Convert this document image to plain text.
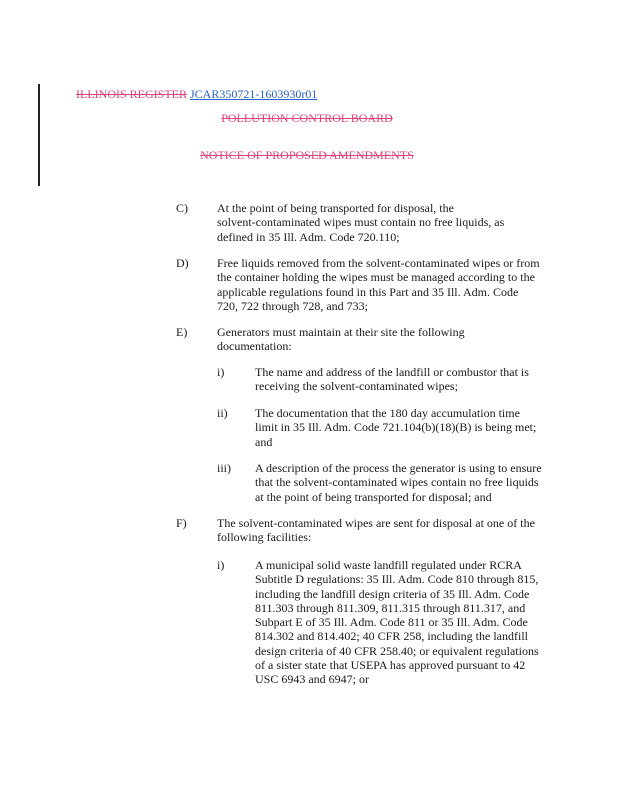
ILLINOIS REGISTER JCAR350721-1603930r01
POLLUTION CONTROL BOARD
NOTICE OF PROPOSED AMENDMENTS
C) At the point of being transported for disposal, the
solvent-contaminated wipes must contain no free liquids, as
defined in 35 Ill. Adm. Code 720.110;
D) Free liquids removed from the solvent-contaminated wipes or from
the container holding the wipes must be managed according to the
applicable regulations found in this Part and 35 Ill. Adm. Code
720, 722 through 728, and 733;
E) Generators must maintain at their site the following
documentation:
i)	The name and address of the landfill or combustor that is
receiving the solvent-contaminated wipes;
ii) The documentation that the 180 day accumulation time
limit in 35 Ill. Adm. Code 721.104(b)(18)(B) is being met;
and
iii) A description of the process the generator is using to ensure
that the solvent-contaminated wipes contain no free liquids
at the point of being transported for disposal; and
F)	The solvent-contaminated wipes are sent for disposal at one of the
following facilities:
i)	A municipal solid waste landfill regulated under RCRA
Subtitle D regulations: 35 Ill. Adm. Code 810 through 815,
including the landfill design criteria of 35 Ill. Adm. Code
811.303 through 811.309, 811.315 through 811.317, and
Subpart E of 35 Ill. Adm. Code 811 or 35 Ill. Adm. Code
814.302 and 814.402; 40 CFR 258, including the landfill
design criteria of 40 CFR 258.40; or equivalent regulations
of a sister state that USEPA has approved pursuant to 42
USC 6943 and 6947; or
